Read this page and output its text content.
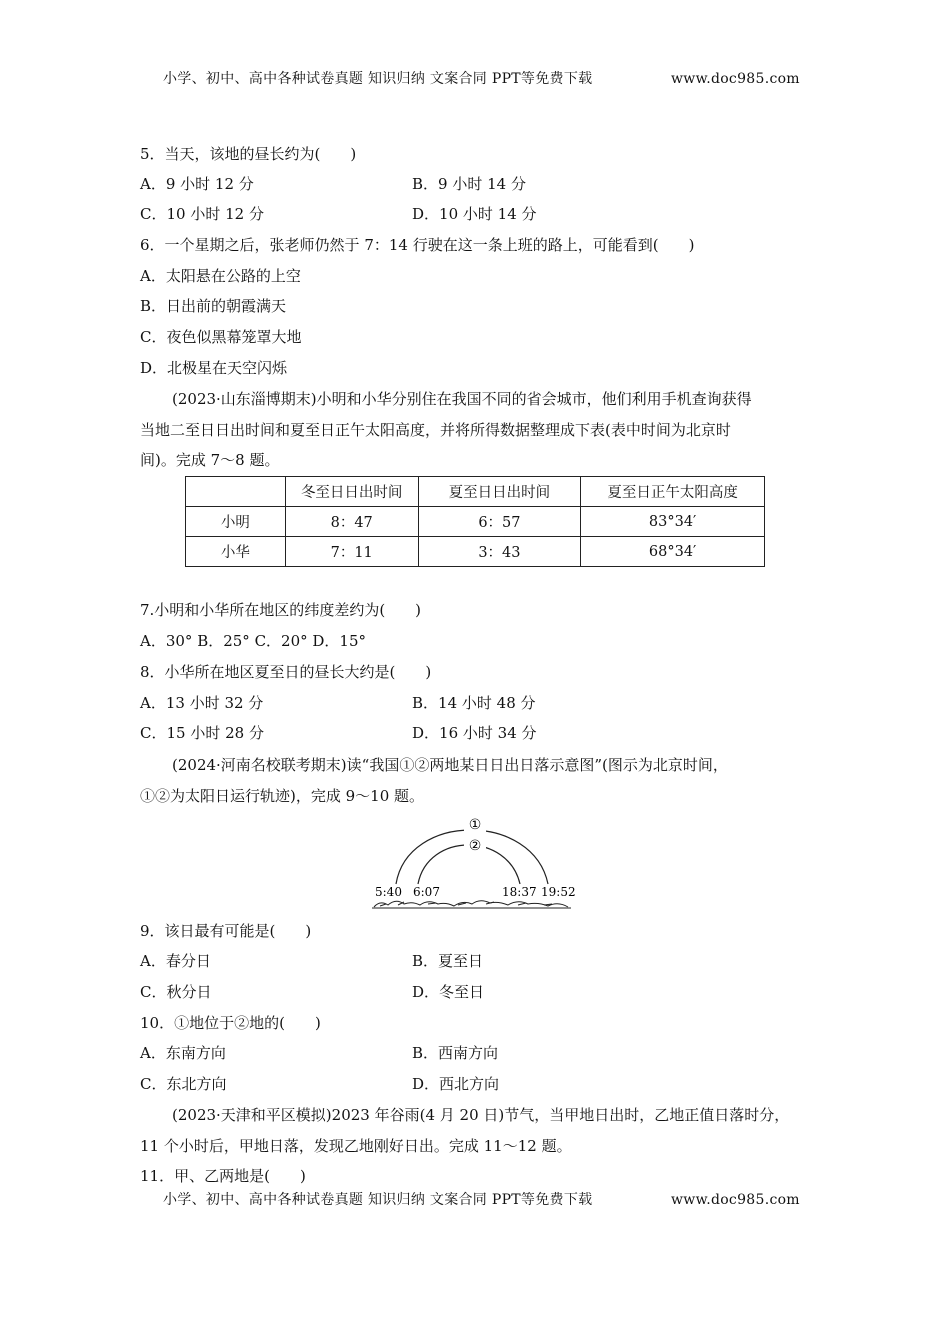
小学、初中、高中各种试卷真题 知识归纳 文案合同 PPT等免费下载	www.doc985.com
5．当天，该地的昼长约为(　　)
A．9 小时 12 分	B．9 小时 14 分
C．10 小时 12 分	D．10 小时 14 分
6．一个星期之后，张老师仍然于 7：14 行驶在这一条上班的路上，可能看到(　　)
A．太阳悬在公路的上空
B．日出前的朝霞满天
C．夜色似黑幕笼罩大地
D．北极星在天空闪烁
(2023·山东淄博期末)小明和小华分别住在我国不同的省会城市，他们利用手机查询获得
当地二至日日出时间和夏至日正午太阳高度，并将所得数据整理成下表(表中时间为北京时
间)。完成 7～8 题。
	冬至日日出时间	夏至日日出时间	夏至日正午太阳高度
小明	8：47	6：57	83°34′
小华	7：11	3：43	68°34′
7.小明和小华所在地区的纬度差约为(　　)
A．30° B．25° C．20° D．15°
8．小华所在地区夏至日的昼长大约是(　　)
A．13 小时 32 分	B．14 小时 48 分
C．15 小时 28 分	D．16 小时 34 分
(2024·河南名校联考期末)读“我国①②两地某日日出日落示意图”(图示为北京时间，
①②为太阳日运行轨迹)，完成 9～10 题。
①
②
5:40 6:07	18:37 19:52
9．该日最有可能是(　　)
A．春分日	B．夏至日
C．秋分日	D．冬至日
10．①地位于②地的(　　)
A．东南方向	B．西南方向
C．东北方向	D．西北方向
(2023·天津和平区模拟)2023 年谷雨(4 月 20 日)节气，当甲地日出时，乙地正值日落时分，
11 个小时后，甲地日落，发现乙地刚好日出。完成 11～12 题。
11．甲、乙两地是(　　)
小学、初中、高中各种试卷真题 知识归纳 文案合同 PPT等免费下载	www.doc985.com
